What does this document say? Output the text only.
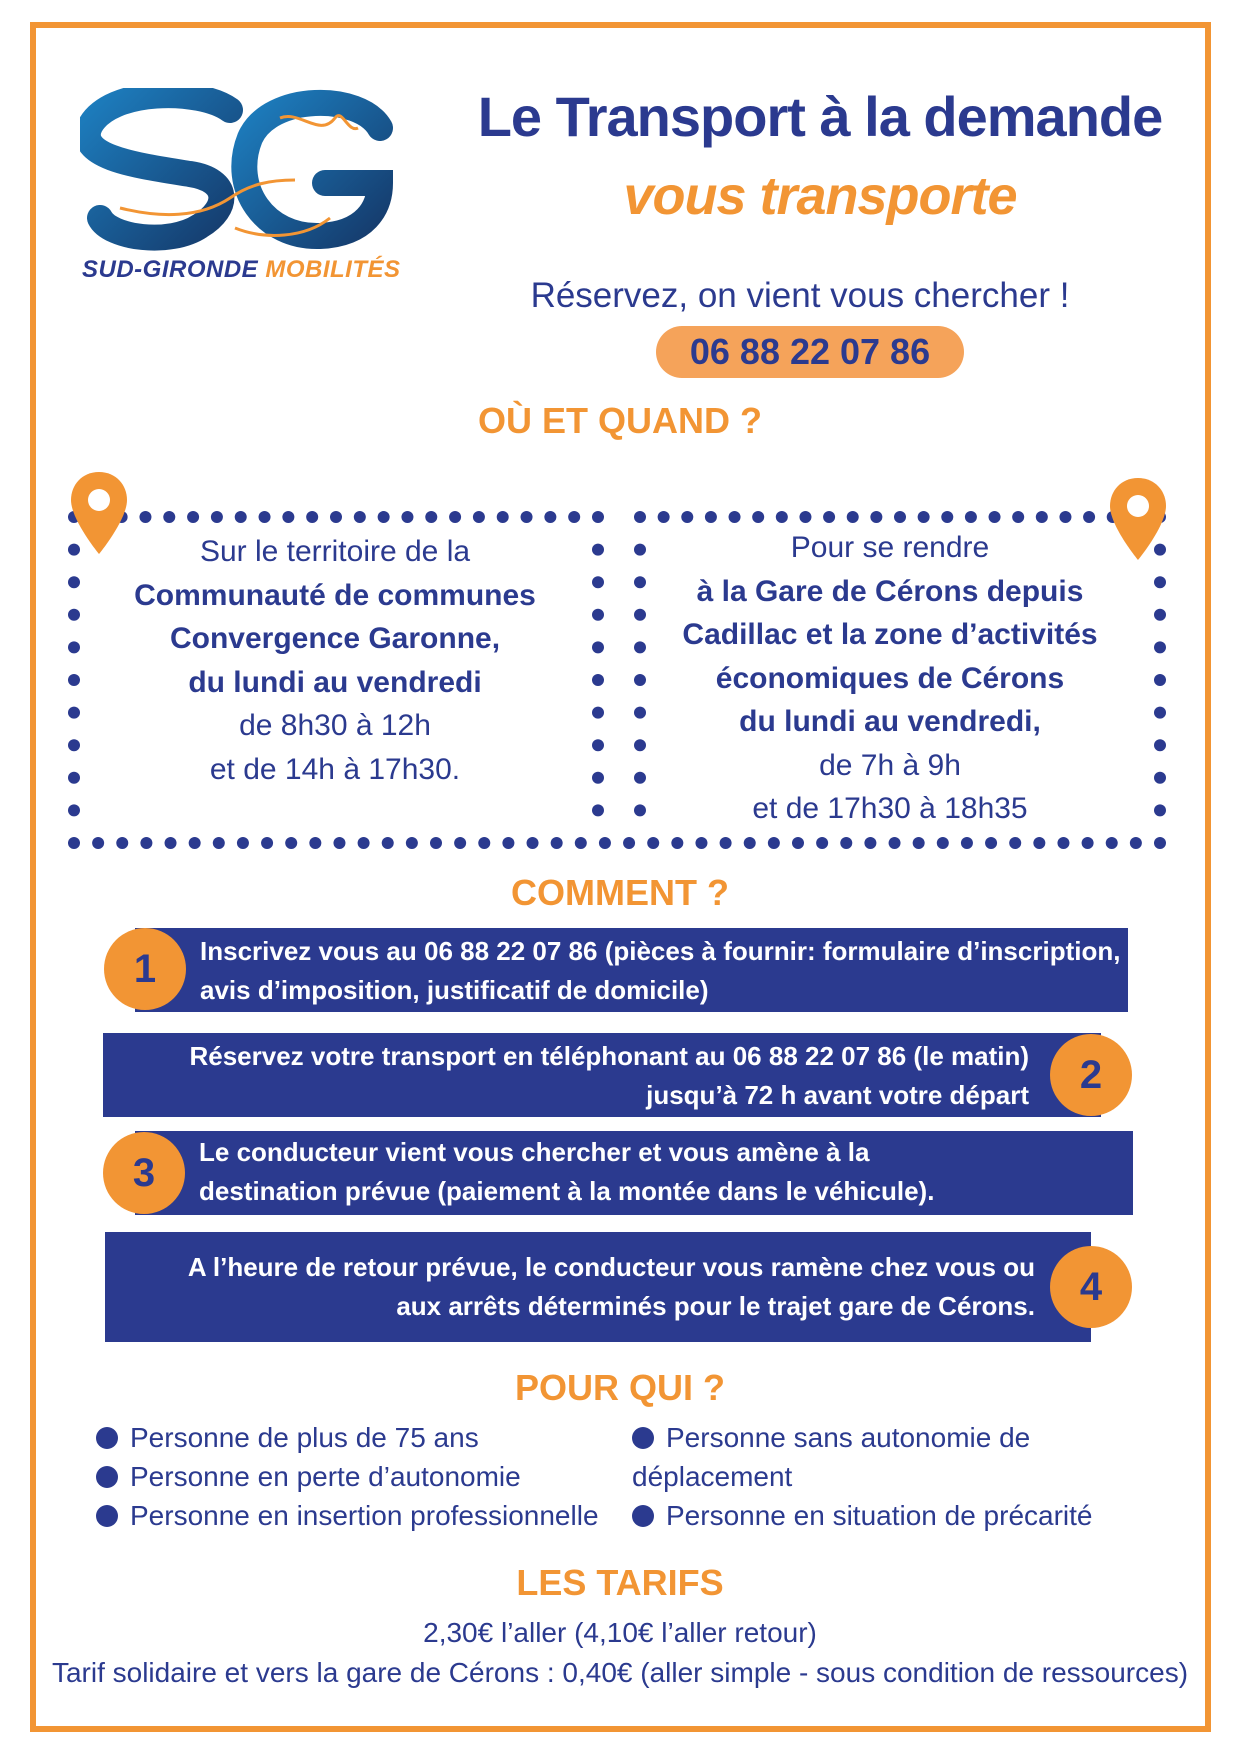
SUD-GIRONDE MOBILITÉS
Le Transport à la demande
vous transporte
Réservez, on vient vous chercher !
06 88 22 07 86
OÙ ET QUAND ?
Sur le territoire de la
Communauté de communes
Convergence Garonne,
du lundi au vendredi
de 8h30 à 12h
et de 14h à 17h30.
Pour se rendre
à la Gare de Cérons depuis
Cadillac et la zone d’activités
économiques de Cérons
du lundi au vendredi,
de 7h à 9h
et de 17h30 à 18h35
COMMENT ?
Inscrivez vous au 06 88 22 07 86 (pièces à fournir: formulaire d’inscription,
avis d’imposition, justificatif de domicile)
1
Réservez votre transport en téléphonant au 06 88 22 07 86 (le matin)
jusqu’à 72 h avant votre départ	2
Le conducteur vient vous chercher et vous amène à la
destination prévue (paiement à la montée dans le véhicule).
3
A l’heure de retour prévue, le conducteur vous ramène chez vous ou
aux arrêts déterminés pour le trajet gare de Cérons.	4
POUR QUI ?
Personne de plus de 75 ans
Personne en perte d’autonomie
Personne en insertion professionnelle
Personne sans autonomie de
déplacement
Personne en situation de précarité
LES TARIFS
2,30€ l’aller (4,10€ l’aller retour)
Tarif solidaire et vers la gare de Cérons : 0,40€ (aller simple - sous condition de ressources)
